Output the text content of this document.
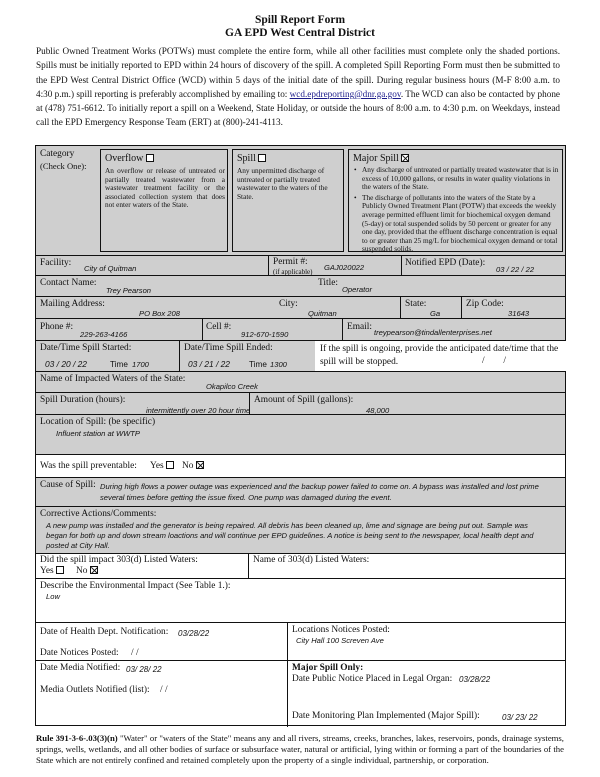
Spill Report Form
GA EPD West Central District
Public Owned Treatment Works (POTWs) must complete the entire form, while all other facilities must complete only the shaded portions. Spills must be initially reported to EPD within 24 hours of discovery of the spill. A completed Spill Reporting Form must then be submitted to the EPD West Central District Office (WCD) within 5 days of the initial date of the spill. During regular business hours (M-F 8:00 a.m. to 4:30 p.m.) spill reporting is preferably accomplished by emailing to: wcd.epdreporting@dnr.ga.gov. The WCD can also be contacted by phone at (478) 751-6612. To initially report a spill on a Weekend, State Holiday, or outside the hours of 8:00 a.m. to 4:30 p.m. on Weekdays, instead call the EPD Emergency Response Team (ERT) at (800)-241-4113.
Category
(Check One):
Overflow
An overflow or release of untreated or partially treated wastewater from a wastewater treatment facility or the associated collection system that does not enter waters of the State.
Spill
Any unpermitted discharge of untreated or partially treated wastewater to the waters of the State.
Major Spill
• Any discharge of untreated or partially treated wastewater that is in excess of 10,000 gallons, or results in water quality violations in the waters of the State.
• The discharge of pollutants into the waters of the State by a Publicly Owned Treatment Plant (POTW) that exceeds the weekly average permitted effluent limit for biochemical oxygen demand (5-day) or total suspended solids by 50 percent or greater for any one day, provided that the effluent discharge concentration is equal to or greater than 25 mg/L for biochemical oxygen demand or total suspended solids.
Facility:
City of Quitman
Permit #:
(if applicable) GAJ020022	Notified EPD (Date):
03 / 22 / 22
Contact Name:
Trey Pearson
Title:
Operator
Mailing Address:
PO Box 208
City:
Quitman
State:
Ga
Zip Code:
31643
Phone #:
229-263-4166
Cell #:
912-670-1590
Email:
treypearson@tindallenterprises.net
Date/Time Spill Started:
03 / 20 / 22	Time 1700
Date/Time Spill Ended:
03 / 21 / 22 Time 1300
If the spill is ongoing, provide the anticipated date/time that the spill will be stopped.	/        /
Name of Impacted Waters of the State:
Okapilco Creek
Spill Duration (hours):
intermittently over 20 hour time
Amount of Spill (gallons):
48,000
Location of Spill: (be specific)
Influent station at WWTP
Was the spill preventable: Yes	No
Cause of Spill: During high flows a power outage was experienced and the backup power failed to come on. A bypass was installed and lost prime
several times before getting the issue fixed. One pump was damaged during the event.
Corrective Actions/Comments:
A new pump was installed and the generator is being repaired. All debris has been cleaned up, lime and signage are being put out. Sample was
began for both up and down stream loactions and will continue per EPD guidelines. A notice is being sent to the newspaper, local health dept and
posted at City Hall.
Did the spill impact 303(d) Listed Waters:
Yes	No
Name of 303(d) Listed Waters:
Describe the Environmental Impact (See Table 1.):
Low
Date of Health Dept. Notification: 03/28/22
Date Notices Posted: / /
Locations Notices Posted:
City Hall 100 Screven Ave
Date Media Notified: 03/ 28/ 22
Media Outlets Notified (list): / /
Major Spill Only:
Date Public Notice Placed in Legal Organ: 03/28/22
Date Monitoring Plan Implemented (Major Spill):	03/ 23/ 22
Rule 391-3-6-.03(3)(n) "Water" or "waters of the State" means any and all rivers, streams, creeks, branches, lakes, reservoirs, ponds, drainage systems, springs, wells, wetlands, and all other bodies of surface or subsurface water, natural or artificial, lying within or forming a part of the boundaries of the State which are not entirely confined and retained completely upon the property of a single individual, partnership, or corporation.
